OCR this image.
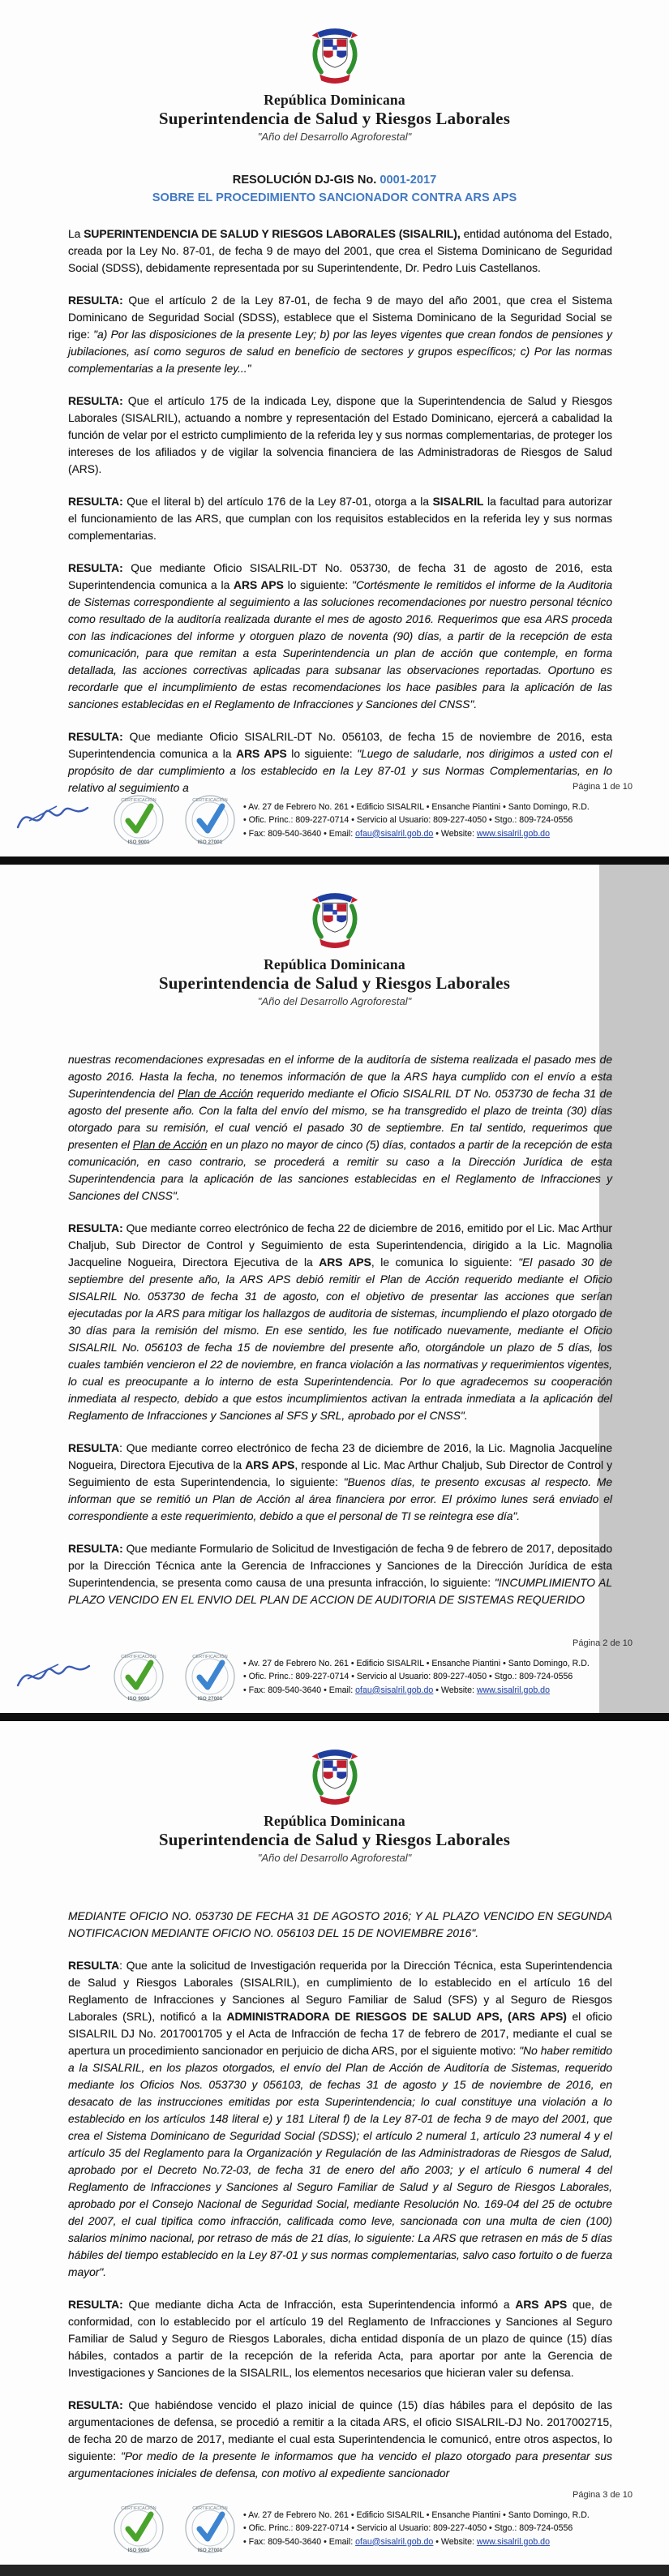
República Dominicana
Superintendencia de Salud y Riesgos Laborales
"Año del Desarrollo Agroforestal"
RESOLUCIÓN DJ-GIS No. 0001-2017
SOBRE EL PROCEDIMIENTO SANCIONADOR CONTRA ARS APS

La SUPERINTENDENCIA DE SALUD Y RIESGOS LABORALES (SISALRIL), entidad autónoma del Estado, creada por la Ley No. 87-01, de fecha 9 de mayo del 2001, que crea el Sistema Dominicano de Seguridad Social (SDSS), debidamente representada por su Superintendente, Dr. Pedro Luis Castellanos.

RESULTA: Que el artículo 2 de la Ley 87-01, de fecha 9 de mayo del año 2001, que crea el Sistema Dominicano de Seguridad Social (SDSS), establece que el Sistema Dominicano de la Seguridad Social se rige: "a) Por las disposiciones de la presente Ley; b) por las leyes vigentes que crean fondos de pensiones y jubilaciones, así como seguros de salud en beneficio de sectores y grupos específicos; c) Por las normas complementarias a la presente ley..."

RESULTA: Que el artículo 175 de la indicada Ley, dispone que la Superintendencia de Salud y Riesgos Laborales (SISALRIL), actuando a nombre y representación del Estado Dominicano, ejercerá a cabalidad la función de velar por el estricto cumplimiento de la referida ley y sus normas complementarias, de proteger los intereses de los afiliados y de vigilar la solvencia financiera de las Administradoras de Riesgos de Salud (ARS).

RESULTA: Que el literal b) del artículo 176 de la Ley 87-01, otorga a la SISALRIL la facultad para autorizar el funcionamiento de las ARS, que cumplan con los requisitos establecidos en la referida ley y sus normas complementarias.

RESULTA: Que mediante Oficio SISALRIL-DT No. 053730, de fecha 31 de agosto de 2016, esta Superintendencia comunica a la ARS APS lo siguiente: "Cortésmente le remitidos el informe de la Auditoria de Sistemas correspondiente al seguimiento a las soluciones recomendaciones por nuestro personal técnico como resultado de la auditoría realizada durante el mes de agosto 2016. Requerimos que esa ARS proceda con las indicaciones del informe y otorguen plazo de noventa (90) días, a partir de la recepción de esta comunicación, para que remitan a esta Superintendencia un plan de acción que contemple, en forma detallada, las acciones correctivas aplicadas para subsanar las observaciones reportadas. Oportuno es recordarle que el incumplimiento de estas recomendaciones los hace pasibles para la aplicación de las sanciones establecidas en el Reglamento de Infracciones y Sanciones del CNSS".

RESULTA: Que mediante Oficio SISALRIL-DT No. 056103, de fecha 15 de noviembre de 2016, esta Superintendencia comunica a la ARS APS lo siguiente: "Luego de saludarle, nos dirigimos a usted con el propósito de dar cumplimiento a los establecido en la Ley 87-01 y sus Normas Complementarias, en lo relativo al seguimiento a	Página 1 de 10
CERTIFICACIÓN
ISO 9001
CERTIFICACIÓN
ISO 27001
• Av. 27 de Febrero No. 261 • Edificio SISALRIL • Ensanche Piantini • Santo Domingo, R.D.
• Ofic. Princ.: 809-227-0714 • Servicio al Usuario: 809-227-4050 • Stgo.: 809-724-0556
• Fax: 809-540-3640 • Email: ofau@sisalril.gob.do • Website: www.sisalril.gob.do
República Dominicana
Superintendencia de Salud y Riesgos Laborales
"Año del Desarrollo Agroforestal"

nuestras recomendaciones expresadas en el informe de la auditoría de sistema realizada el pasado mes de agosto 2016. Hasta la fecha, no tenemos información de que la ARS haya cumplido con el envío a esta Superintendencia del Plan de Acción requerido mediante el Oficio SISALRIL DT No. 053730 de fecha 31 de agosto del presente año. Con la falta del envío del mismo, se ha transgredido el plazo de treinta (30) días otorgado para su remisión, el cual venció el pasado 30 de septiembre. En tal sentido, requerimos que presenten el Plan de Acción en un plazo no mayor de cinco (5) días, contados a partir de la recepción de esta comunicación, en caso contrario, se procederá a remitir su caso a la Dirección Jurídica de esta Superintendencia para la aplicación de las sanciones establecidas en el Reglamento de Infracciones y Sanciones del CNSS".

RESULTA: Que mediante correo electrónico de fecha 22 de diciembre de 2016, emitido por el Lic. Mac Arthur Chaljub, Sub Director de Control y Seguimiento de esta Superintendencia, dirigido a la Lic. Magnolia Jacqueline Nogueira, Directora Ejecutiva de la ARS APS, le comunica lo siguiente: "El pasado 30 de septiembre del presente año, la ARS APS debió remitir el Plan de Acción requerido mediante el Oficio SISALRIL No. 053730 de fecha 31 de agosto, con el objetivo de presentar las acciones que serían ejecutadas por la ARS para mitigar los hallazgos de auditoria de sistemas, incumpliendo el plazo otorgado de 30 días para la remisión del mismo. En ese sentido, les fue notificado nuevamente, mediante el Oficio SISALRIL No. 056103 de fecha 15 de noviembre del presente año, otorgándole un plazo de 5 días, los cuales también vencieron el 22 de noviembre, en franca violación a las normativas y requerimientos vigentes, lo cual es preocupante a lo interno de esta Superintendencia. Por lo que agradecemos su cooperación inmediata al respecto, debido a que estos incumplimientos activan la entrada inmediata a la aplicación del Reglamento de Infracciones y Sanciones al SFS y SRL, aprobado por el CNSS".

RESULTA: Que mediante correo electrónico de fecha 23 de diciembre de 2016, la Lic. Magnolia Jacqueline Nogueira, Directora Ejecutiva de la ARS APS, responde al Lic. Mac Arthur Chaljub, Sub Director de Control y Seguimiento de esta Superintendencia, lo siguiente: "Buenos días, te presento excusas al respecto. Me informan que se remitió un Plan de Acción al área financiera por error. El próximo lunes será enviado el correspondiente a este requerimiento, debido a que el personal de TI se reintegra ese día".

RESULTA: Que mediante Formulario de Solicitud de Investigación de fecha 9 de febrero de 2017, depositado por la Dirección Técnica ante la Gerencia de Infracciones y Sanciones de la Dirección Jurídica de esta Superintendencia, se presenta como causa de una presunta infracción, lo siguiente: "INCUMPLIMIENTO AL PLAZO VENCIDO EN EL ENVIO DEL PLAN DE ACCION DE AUDITORIA DE SISTEMAS REQUERIDO

Página 2 de 10
CERTIFICACIÓN
ISO 9001
CERTIFICACIÓN
ISO 27001
• Av. 27 de Febrero No. 261 • Edificio SISALRIL • Ensanche Piantini • Santo Domingo, R.D.
• Ofic. Princ.: 809-227-0714 • Servicio al Usuario: 809-227-4050 • Stgo.: 809-724-0556
• Fax: 809-540-3640 • Email: ofau@sisalril.gob.do • Website: www.sisalril.gob.do
República Dominicana
Superintendencia de Salud y Riesgos Laborales
"Año del Desarrollo Agroforestal"

MEDIANTE OFICIO NO. 053730 DE FECHA 31 DE AGOSTO 2016; Y AL PLAZO VENCIDO EN SEGUNDA NOTIFICACION MEDIANTE OFICIO NO. 056103 DEL 15 DE NOVIEMBRE 2016".

RESULTA: Que ante la solicitud de Investigación requerida por la Dirección Técnica, esta Superintendencia de Salud y Riesgos Laborales (SISALRIL), en cumplimiento de lo establecido en el artículo 16 del Reglamento de Infracciones y Sanciones al Seguro Familiar de Salud (SFS) y al Seguro de Riesgos Laborales (SRL), notificó a la ADMINISTRADORA DE RIESGOS DE SALUD APS, (ARS APS) el oficio SISALRIL DJ No. 2017001705 y el Acta de Infracción de fecha 17 de febrero de 2017, mediante el cual se apertura un procedimiento sancionador en perjuicio de dicha ARS, por el siguiente motivo: "No haber remitido a la SISALRIL, en los plazos otorgados, el envío del Plan de Acción de Auditoría de Sistemas, requerido mediante los Oficios Nos. 053730 y 056103, de fechas 31 de agosto y 15 de noviembre de 2016, en desacato de las instrucciones emitidas por esta Superintendencia; lo cual constituye una violación a lo establecido en los artículos 148 literal e) y 181 Literal f) de la Ley 87-01 de fecha 9 de mayo del 2001, que crea el Sistema Dominicano de Seguridad Social (SDSS); el artículo 2 numeral 1, artículo 23 numeral 4 y el artículo 35 del Reglamento para la Organización y Regulación de las Administradoras de Riesgos de Salud, aprobado por el Decreto No.72-03, de fecha 31 de enero del año 2003; y el artículo 6 numeral 4 del Reglamento de Infracciones y Sanciones al Seguro Familiar de Salud y al Seguro de Riesgos Laborales, aprobado por el Consejo Nacional de Seguridad Social, mediante Resolución No. 169-04 del 25 de octubre del 2007, el cual tipifica como infracción, calificada como leve, sancionada con una multa de cien (100) salarios mínimo nacional, por retraso de más de 21 días, lo siguiente: La ARS que retrasen en más de 5 días hábiles del tiempo establecido en la Ley 87-01 y sus normas complementarias, salvo caso fortuito o de fuerza mayor".

RESULTA: Que mediante dicha Acta de Infracción, esta Superintendencia informó a ARS APS que, de conformidad, con lo establecido por el artículo 19 del Reglamento de Infracciones y Sanciones al Seguro Familiar de Salud y Seguro de Riesgos Laborales, dicha entidad disponía de un plazo de quince (15) días hábiles, contados a partir de la recepción de la referida Acta, para aportar por ante la Gerencia de Investigaciones y Sanciones de la SISALRIL, los elementos necesarios que hicieran valer su defensa.

RESULTA: Que habiéndose vencido el plazo inicial de quince (15) días hábiles para el depósito de las argumentaciones de defensa, se procedió a remitir a la citada ARS, el oficio SISALRIL-DJ No. 2017002715, de fecha 20 de marzo de 2017, mediante el cual esta Superintendencia le comunicó, entre otros aspectos, lo siguiente: "Por medio de la presente le informamos que ha vencido el plazo otorgado para presentar sus argumentaciones iniciales de defensa, con motivo al expediente sancionador

Página 3 de 10
CERTIFICACIÓN
ISO 9001
CERTIFICACIÓN
ISO 27001
• Av. 27 de Febrero No. 261 • Edificio SISALRIL • Ensanche Piantini • Santo Domingo, R.D.
• Ofic. Princ.: 809-227-0714 • Servicio al Usuario: 809-227-4050 • Stgo.: 809-724-0556
• Fax: 809-540-3640 • Email: ofau@sisalril.gob.do • Website: www.sisalril.gob.do
